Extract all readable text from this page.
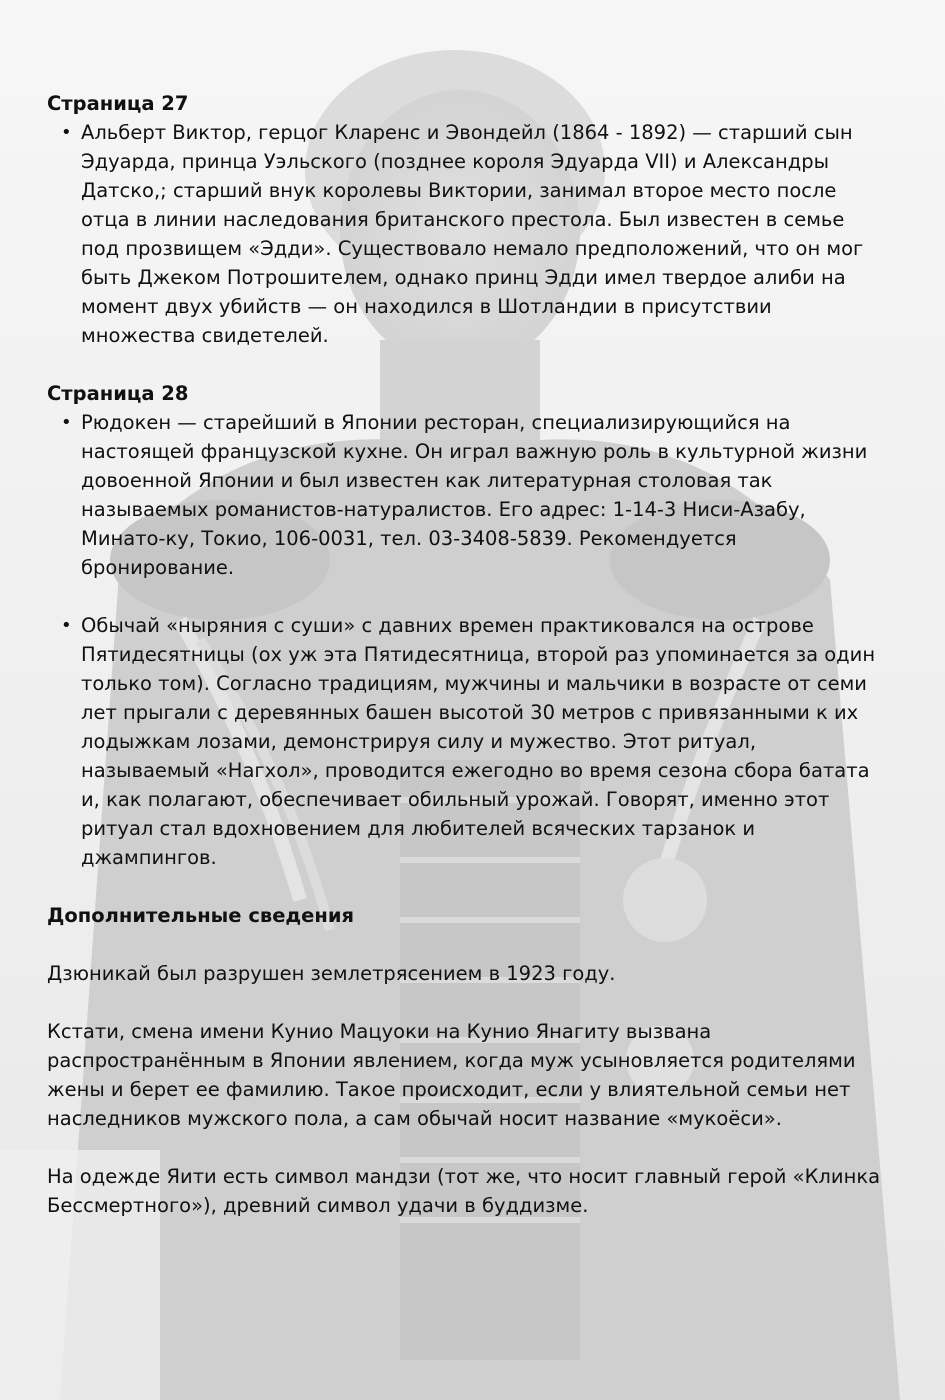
Страница 27

• Альберт Виктор, герцог Кларенс и Эвондейл (1864 - 1892) — старший сын Эдуарда, принца Уэльского (позднее короля Эдуарда VII) и Александры Датско,; старший внук королевы Виктории, занимал второе место после отца в линии наследования британского престола. Был известен в семье под прозвищем «Эдди». Существовало немало предположений, что он мог быть Джеком Потрошителем, однако принц Эдди имел твердое алиби на момент двух убийств — он находился в Шотландии в присутствии множества свидетелей.

Страница 28

• Рюдокен — старейший в Японии ресторан, специализирующийся на настоящей французской кухне. Он играл важную роль в культурной жизни довоенной Японии и был известен как литературная столовая так называемых романистов-натуралистов. Его адрес: 1-14-3 Ниси-Азабу, Минато-ку, Токио, 106-0031, тел. 03-3408-5839. Рекомендуется бронирование.
• Обычай «ныряния с суши» с давних времен практиковался на острове Пятидесятницы (ох уж эта Пятидесятница, второй раз упоминается за один только том). Согласно традициям, мужчины и мальчики в возрасте от семи лет прыгали с деревянных башен высотой 30 метров с привязанными к их лодыжкам лозами, демонстрируя силу и мужество. Этот ритуал, называемый «Нагхол», проводится ежегодно во время сезона сбора батата и, как полагают, обеспечивает обильный урожай. Говорят, именно этот ритуал стал вдохновением для любителей всяческих тарзанок и джампингов.

Дополнительные сведения

Дзюникай был разрушен землетрясением в 1923 году.

Кстати, смена имени Кунио Мацуоки на Кунио Янагиту вызвана распространённым в Японии явлением, когда муж усыновляется родителями жены и берет ее фамилию. Такое происходит, если у влиятельной семьи нет наследников мужского пола, а сам обычай носит название «мукоёси».

На одежде Яити есть символ мандзи (тот же, что носит главный герой «Клинка Бессмертного»), древний символ удачи в буддизме.
